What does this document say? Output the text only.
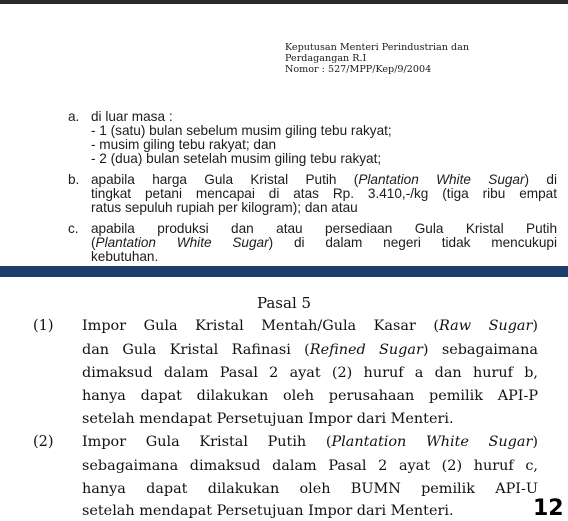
Keputusan Menteri Perindustrian dan
Perdagangan R.I
Nomor : 527/MPP/Kep/9/2004
a. di luar masa :
- 1 (satu) bulan sebelum musim giling tebu rakyat;
- musim giling tebu rakyat; dan
- 2 (dua) bulan setelah musim giling tebu rakyat;
b. apabila harga Gula Kristal Putih (Plantation White Sugar) di
tingkat petani mencapai di atas Rp. 3.410,-/kg (tiga ribu empat
ratus sepuluh rupiah per kilogram); dan atau
c. apabila produksi dan atau persediaan Gula Kristal Putih
(Plantation White Sugar) di dalam negeri tidak mencukupi
kebutuhan.
Pasal 5
(1) Impor Gula Kristal Mentah/Gula Kasar (Raw Sugar)
dan Gula Kristal Rafinasi (Refined Sugar) sebagaimana
dimaksud dalam Pasal 2 ayat (2) huruf a dan huruf b,
hanya dapat dilakukan oleh perusahaan pemilik API-P
setelah mendapat Persetujuan Impor dari Menteri.
(2) Impor Gula Kristal Putih (Plantation White Sugar)
sebagaimana dimaksud dalam Pasal 2 ayat (2) huruf c,
hanya dapat dilakukan oleh BUMN pemilik API-U
setelah mendapat Persetujuan Impor dari Menteri.	12
